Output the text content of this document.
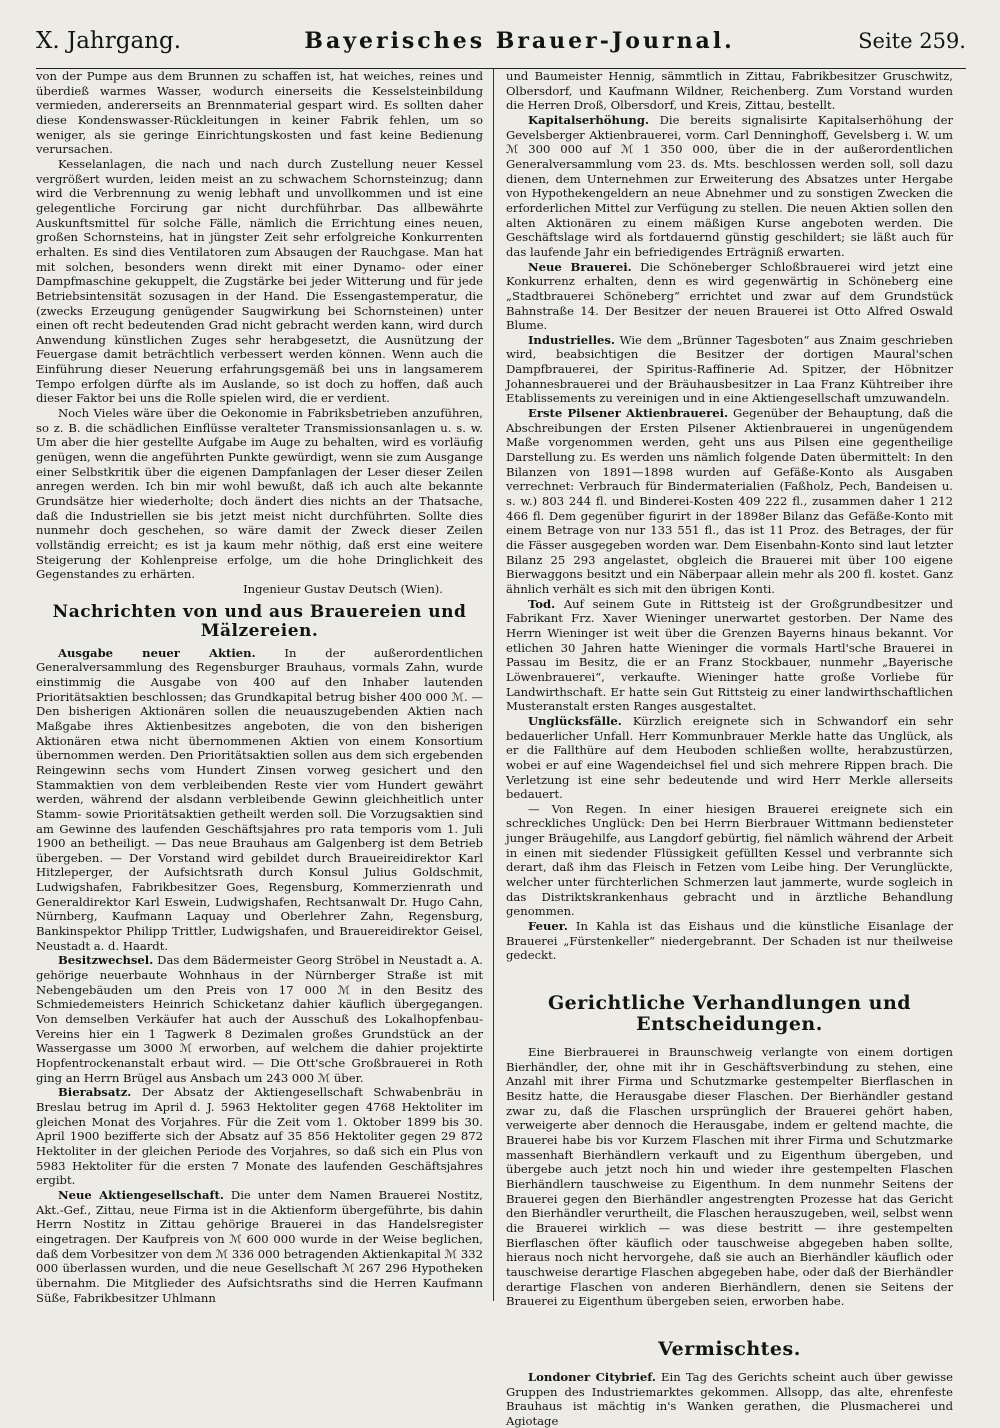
X. Jahrgang.	Bayerisches Brauer-Journal.	Seite 259.

von der Pumpe aus dem Brunnen zu schaffen ist, hat weiches, reines und überdieß warmes Wasser, wodurch einerseits die Kesselsteinbildung vermieden, andererseits an Brennmaterial gespart wird. Es sollten daher diese Kondenswasser-Rückleitungen in keiner Fabrik fehlen, um so weniger, als sie geringe Einrichtungskosten und fast keine Bedienung verursachen.

Kesselanlagen, die nach und nach durch Zustellung neuer Kessel vergrößert wurden, leiden meist an zu schwachem Schornsteinzug; dann wird die Verbrennung zu wenig lebhaft und unvollkommen und ist eine gelegentliche Forcirung gar nicht durchführbar. Das allbewährte Auskunftsmittel für solche Fälle, nämlich die Errichtung eines neuen, großen Schornsteins, hat in jüngster Zeit sehr erfolgreiche Konkurrenten erhalten. Es sind dies Ventilatoren zum Absaugen der Rauchgase. Man hat mit solchen, besonders wenn direkt mit einer Dynamo- oder einer Dampfmaschine gekuppelt, die Zugstärke bei jeder Witterung und für jede Betriebsintensität sozusagen in der Hand. Die Essengastemperatur, die (zwecks Erzeugung genügender Saugwirkung bei Schornsteinen) unter einen oft recht bedeutenden Grad nicht gebracht werden kann, wird durch Anwendung künstlichen Zuges sehr herabgesetzt, die Ausnützung der Feuergase damit beträchtlich verbessert werden können. Wenn auch die Einführung dieser Neuerung erfahrungsgemäß bei uns in langsamerem Tempo erfolgen dürfte als im Auslande, so ist doch zu hoffen, daß auch dieser Faktor bei uns die Rolle spielen wird, die er verdient.

Noch Vieles wäre über die Oekonomie in Fabriksbetrieben anzuführen, so z. B. die schädlichen Einflüsse veralteter Transmissionsanlagen u. s. w. Um aber die hier gestellte Aufgabe im Auge zu behalten, wird es vorläufig genügen, wenn die angeführten Punkte gewürdigt, wenn sie zum Ausgange einer Selbstkritik über die eigenen Dampfanlagen der Leser dieser Zeilen anregen werden. Ich bin mir wohl bewußt, daß ich auch alte bekannte Grundsätze hier wiederholte; doch ändert dies nichts an der Thatsache, daß die Industriellen sie bis jetzt meist nicht durchführten. Sollte dies nunmehr doch geschehen, so wäre damit der Zweck dieser Zeilen vollständig erreicht; es ist ja kaum mehr nöthig, daß erst eine weitere Steigerung der Kohlenpreise erfolge, um die hohe Dringlichkeit des Gegenstandes zu erhärten.

Ingenieur Gustav Deutsch (Wien).

Nachrichten von und aus Brauereien und Mälzereien.

Ausgabe neuer Aktien. In der außerordentlichen Generalversammlung des Regensburger Brauhaus, vormals Zahn, wurde einstimmig die Ausgabe von 400 auf den Inhaber lautenden Prioritätsaktien beschlossen; das Grundkapital betrug bisher 400 000 ℳ. — Den bisherigen Aktionären sollen die neuauszugebenden Aktien nach Maßgabe ihres Aktienbesitzes angeboten, die von den bisherigen Aktionären etwa nicht übernommenen Aktien von einem Konsortium übernommen werden. Den Prioritätsaktien sollen aus dem sich ergebenden Reingewinn sechs vom Hundert Zinsen vorweg gesichert und den Stammaktien von dem verbleibenden Reste vier vom Hundert gewährt werden, während der alsdann verbleibende Gewinn gleichheitlich unter Stamm- sowie Prioritätsaktien getheilt werden soll. Die Vorzugsaktien sind am Gewinne des laufenden Geschäftsjahres pro rata temporis vom 1. Juli 1900 an betheiligt. — Das neue Brauhaus am Galgenberg ist dem Betrieb übergeben. — Der Vorstand wird gebildet durch Braueireidirektor Karl Hitzleperger, der Aufsichtsrath durch Konsul Julius Goldschmit, Ludwigshafen, Fabrikbesitzer Goes, Regensburg, Kommerzienrath und Generaldirektor Karl Eswein, Ludwigshafen, Rechtsanwalt Dr. Hugo Cahn, Nürnberg, Kaufmann Laquay und Oberlehrer Zahn, Regensburg, Bankinspektor Philipp Trittler, Ludwigshafen, und Brauereidirektor Geisel, Neustadt a. d. Haardt.

Besitzwechsel. Das dem Bädermeister Georg Ströbel in Neustadt a. A. gehörige neuerbaute Wohnhaus in der Nürnberger Straße ist mit Nebengebäuden um den Preis von 17 000 ℳ in den Besitz des Schmiedemeisters Heinrich Schicketanz dahier käuflich übergegangen. Von demselben Verkäufer hat auch der Ausschuß des Lokalhopfenbau-Vereins hier ein 1 Tagwerk 8 Dezimalen großes Grundstück an der Wassergasse um 3000 ℳ erworben, auf welchem die dahier projektirte Hopfentrockenanstalt erbaut wird. — Die Ott'sche Großbrauerei in Roth ging an Herrn Brügel aus Ansbach um 243 000 ℳ über.

Bierabsatz. Der Absatz der Aktiengesellschaft Schwabenbräu in Breslau betrug im April d. J. 5963 Hektoliter gegen 4768 Hektoliter im gleichen Monat des Vorjahres. Für die Zeit vom 1. Oktober 1899 bis 30. April 1900 bezifferte sich der Absatz auf 35 856 Hektoliter gegen 29 872 Hektoliter in der gleichen Periode des Vorjahres, so daß sich ein Plus von 5983 Hektoliter für die ersten 7 Monate des laufenden Geschäftsjahres ergibt.

Neue Aktiengesellschaft. Die unter dem Namen Brauerei Nostitz, Akt.-Gef., Zittau, neue Firma ist in die Aktienform übergeführte, bis dahin Herrn Nostitz in Zittau gehörige Brauerei in das Handelsregister eingetragen. Der Kaufpreis von ℳ 600 000 wurde in der Weise beglichen, daß dem Vorbesitzer von dem ℳ 336 000 betragenden Aktienkapital ℳ 332 000 überlassen wurden, und die neue Gesellschaft ℳ 267 296 Hypotheken übernahm. Die Mitglieder des Aufsichtsraths sind die Herren Kaufmann Süße, Fabrikbesitzer Uhlmann

und Baumeister Hennig, sämmtlich in Zittau, Fabrikbesitzer Gruschwitz, Olbersdorf, und Kaufmann Wildner, Reichenberg. Zum Vorstand wurden die Herren Droß, Olbersdorf, und Kreis, Zittau, bestellt.

Kapitalserhöhung. Die bereits signalisirte Kapitalserhöhung der Gevelsberger Aktienbrauerei, vorm. Carl Denninghoff, Gevelsberg i. W. um ℳ 300 000 auf ℳ 1 350 000, über die in der außerordentlichen Generalversammlung vom 23. ds. Mts. beschlossen werden soll, soll dazu dienen, dem Unternehmen zur Erweiterung des Absatzes unter Hergabe von Hypothekengeldern an neue Abnehmer und zu sonstigen Zwecken die erforderlichen Mittel zur Verfügung zu stellen. Die neuen Aktien sollen den alten Aktionären zu einem mäßigen Kurse angeboten werden. Die Geschäftslage wird als fortdauernd günstig geschildert; sie läßt auch für das laufende Jahr ein befriedigendes Erträgniß erwarten.

Neue Brauerei. Die Schöneberger Schloßbrauerei wird jetzt eine Konkurrenz erhalten, denn es wird gegenwärtig in Schöneberg eine „Stadtbrauerei Schöneberg“ errichtet und zwar auf dem Grundstück Bahnstraße 14. Der Besitzer der neuen Brauerei ist Otto Alfred Oswald Blume.

Industrielles. Wie dem „Brünner Tagesboten“ aus Znaim geschrieben wird, beabsichtigen die Besitzer der dortigen Maural'schen Dampfbrauerei, der Spiritus-Raffinerie Ad. Spitzer, der Höbnitzer Johannesbrauerei und der Bräuhausbesitzer in Laa Franz Kühtreiber ihre Etablissements zu vereinigen und in eine Aktiengesellschaft umzuwandeln.

Erste Pilsener Aktienbrauerei. Gegenüber der Behauptung, daß die Abschreibungen der Ersten Pilsener Aktienbrauerei in ungenügendem Maße vorgenommen werden, geht uns aus Pilsen eine gegentheilige Darstellung zu. Es werden uns nämlich folgende Daten übermittelt: In den Bilanzen von 1891—1898 wurden auf Gefäße-Konto als Ausgaben verrechnet: Verbrauch für Bindermaterialien (Faßholz, Pech, Bandeisen u. s. w.) 803 244 fl. und Binderei-Kosten 409 222 fl., zusammen daher 1 212 466 fl. Dem gegenüber figurirt in der 1898er Bilanz das Gefäße-Konto mit einem Betrage von nur 133 551 fl., das ist 11 Proz. des Betrages, der für die Fässer ausgegeben worden war. Dem Eisenbahn-Konto sind laut letzter Bilanz 25 293 angelastet, obgleich die Brauerei mit über 100 eigene Bierwaggons besitzt und ein Näberpaar allein mehr als 200 fl. kostet. Ganz ähnlich verhält es sich mit den übrigen Konti.

Tod. Auf seinem Gute in Rittsteig ist der Großgrundbesitzer und Fabrikant Frz. Xaver Wieninger unerwartet gestorben. Der Name des Herrn Wieninger ist weit über die Grenzen Bayerns hinaus bekannt. Vor etlichen 30 Jahren hatte Wieninger die vormals Hartl'sche Brauerei in Passau im Besitz, die er an Franz Stockbauer, nunmehr „Bayerische Löwenbrauerei“, verkaufte. Wieninger hatte große Vorliebe für Landwirthschaft. Er hatte sein Gut Rittsteig zu einer landwirthschaftlichen Musteranstalt ersten Ranges ausgestaltet.

Unglücksfälle. Kürzlich ereignete sich in Schwandorf ein sehr bedauerlicher Unfall. Herr Kommunbrauer Merkle hatte das Unglück, als er die Fallthüre auf dem Heuboden schließen wollte, herabzustürzen, wobei er auf eine Wagendeichsel fiel und sich mehrere Rippen brach. Die Verletzung ist eine sehr bedeutende und wird Herr Merkle allerseits bedauert.

— Von Regen. In einer hiesigen Brauerei ereignete sich ein schreckliches Unglück: Den bei Herrn Bierbrauer Wittmann bediensteter junger Bräugehilfe, aus Langdorf gebürtig, fiel nämlich während der Arbeit in einen mit siedender Flüssigkeit gefüllten Kessel und verbrannte sich derart, daß ihm das Fleisch in Fetzen vom Leibe hing. Der Verunglückte, welcher unter fürchterlichen Schmerzen laut jammerte, wurde sogleich in das Distriktskrankenhaus gebracht und in ärztliche Behandlung genommen.

Feuer. In Kahla ist das Eishaus und die künstliche Eisanlage der Brauerei „Fürstenkeller“ niedergebrannt. Der Schaden ist nur theilweise gedeckt.

Gerichtliche Verhandlungen und Entscheidungen.

Eine Bierbrauerei in Braunschweig verlangte von einem dortigen Bierhändler, der, ohne mit ihr in Geschäftsverbindung zu stehen, eine Anzahl mit ihrer Firma und Schutzmarke gestempelter Bierflaschen in Besitz hatte, die Herausgabe dieser Flaschen. Der Bierhändler gestand zwar zu, daß die Flaschen ursprünglich der Brauerei gehört haben, verweigerte aber dennoch die Herausgabe, indem er geltend machte, die Brauerei habe bis vor Kurzem Flaschen mit ihrer Firma und Schutzmarke massenhaft Bierhändlern verkauft und zu Eigenthum übergeben, und übergebe auch jetzt noch hin und wieder ihre gestempelten Flaschen Bierhändlern tauschweise zu Eigenthum. In dem nunmehr Seitens der Brauerei gegen den Bierhändler angestrengten Prozesse hat das Gericht den Bierhändler verurtheilt, die Flaschen herauszugeben, weil, selbst wenn die Brauerei wirklich — was diese bestritt — ihre gestempelten Bierflaschen öfter käuflich oder tauschweise abgegeben haben sollte, hieraus noch nicht hervorgehe, daß sie auch an Bierhändler käuflich oder tauschweise derartige Flaschen abgegeben habe, oder daß der Bierhändler derartige Flaschen von anderen Bierhändlern, denen sie Seitens der Brauerei zu Eigenthum übergeben seien, erworben habe.

Vermischtes.

Londoner Citybrief. Ein Tag des Gerichts scheint auch über gewisse Gruppen des Industriemarktes gekommen. Allsopp, das alte, ehrenfeste Brauhaus ist mächtig in's Wanken gerathen, die Plusmacherei und Agiotage
